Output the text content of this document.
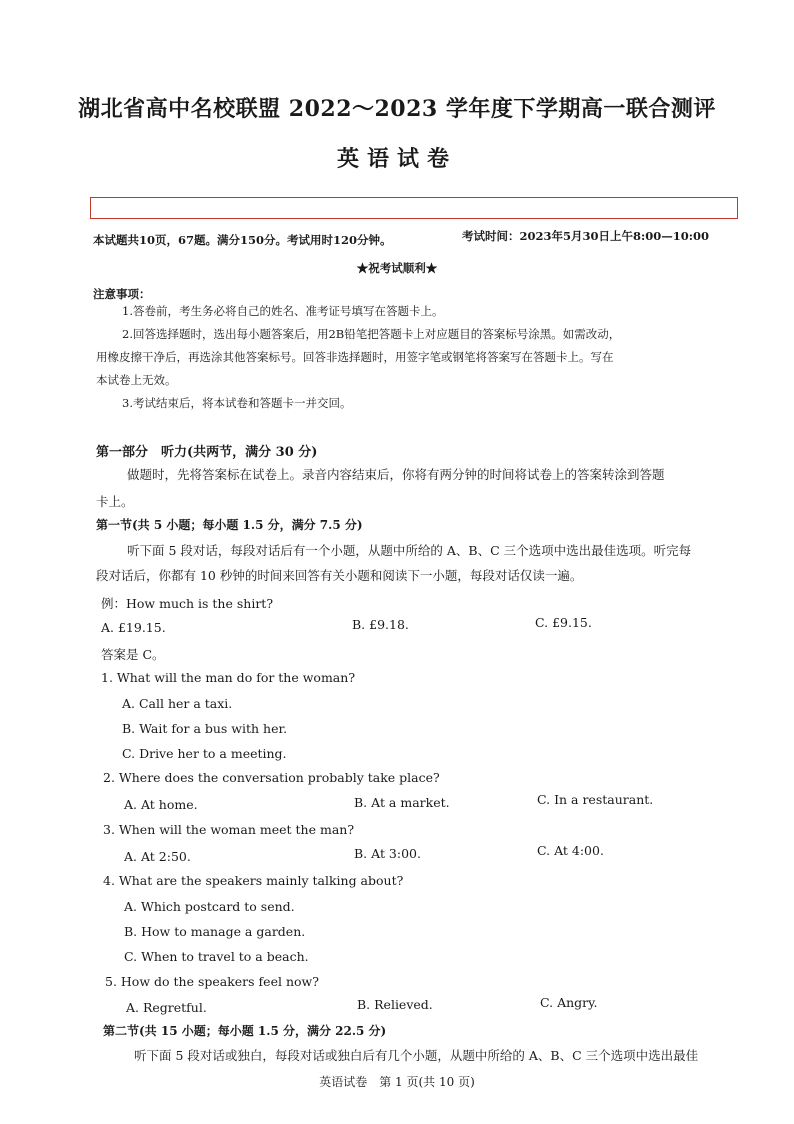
湖北省高中名校联盟 2022～2023 学年度下学期高一联合测评
英语试卷
本试题共10页，67题。满分150分。考试用时120分钟。	考试时间：2023年5月30日上午8:00—10:00
★祝考试顺利★
注意事项：
1.答卷前，考生务必将自己的姓名、准考证号填写在答题卡上。
2.回答选择题时，选出每小题答案后，用2B铅笔把答题卡上对应题目的答案标号涂黑。如需改动，
用橡皮擦干净后，再选涂其他答案标号。回答非选择题时，用签字笔或钢笔将答案写在答题卡上。写在
本试卷上无效。
3.考试结束后，将本试卷和答题卡一并交回。
第一部分　听力(共两节，满分 30 分)
做题时，先将答案标在试卷上。录音内容结束后，你将有两分钟的时间将试卷上的答案转涂到答题
卡上。
第一节(共 5 小题；每小题 1.5 分，满分 7.5 分)
听下面 5 段对话，每段对话后有一个小题，从题中所给的 A、B、C 三个选项中选出最佳选项。听完每
段对话后，你都有 10 秒钟的时间来回答有关小题和阅读下一小题，每段对话仅读一遍。
例：How much is the shirt?
A. £19.15.	B. £9.18.	C. £9.15.
答案是 C。
1. What will the man do for the woman?
A. Call her a taxi.
B. Wait for a bus with her.
C. Drive her to a meeting.
2. Where does the conversation probably take place?
A. At home.	B. At a market.	C. In a restaurant.
3. When will the woman meet the man?
A. At 2:50.	B. At 3:00.	C. At 4:00.
4. What are the speakers mainly talking about?
A. Which postcard to send.
B. How to manage a garden.
C. When to travel to a beach.
5. How do the speakers feel now?
A. Regretful.	B. Relieved.	C. Angry.
第二节(共 15 小题；每小题 1.5 分，满分 22.5 分)
听下面 5 段对话或独白，每段对话或独白后有几个小题，从题中所给的 A、B、C 三个选项中选出最佳
英语试卷　第 1 页(共 10 页)
